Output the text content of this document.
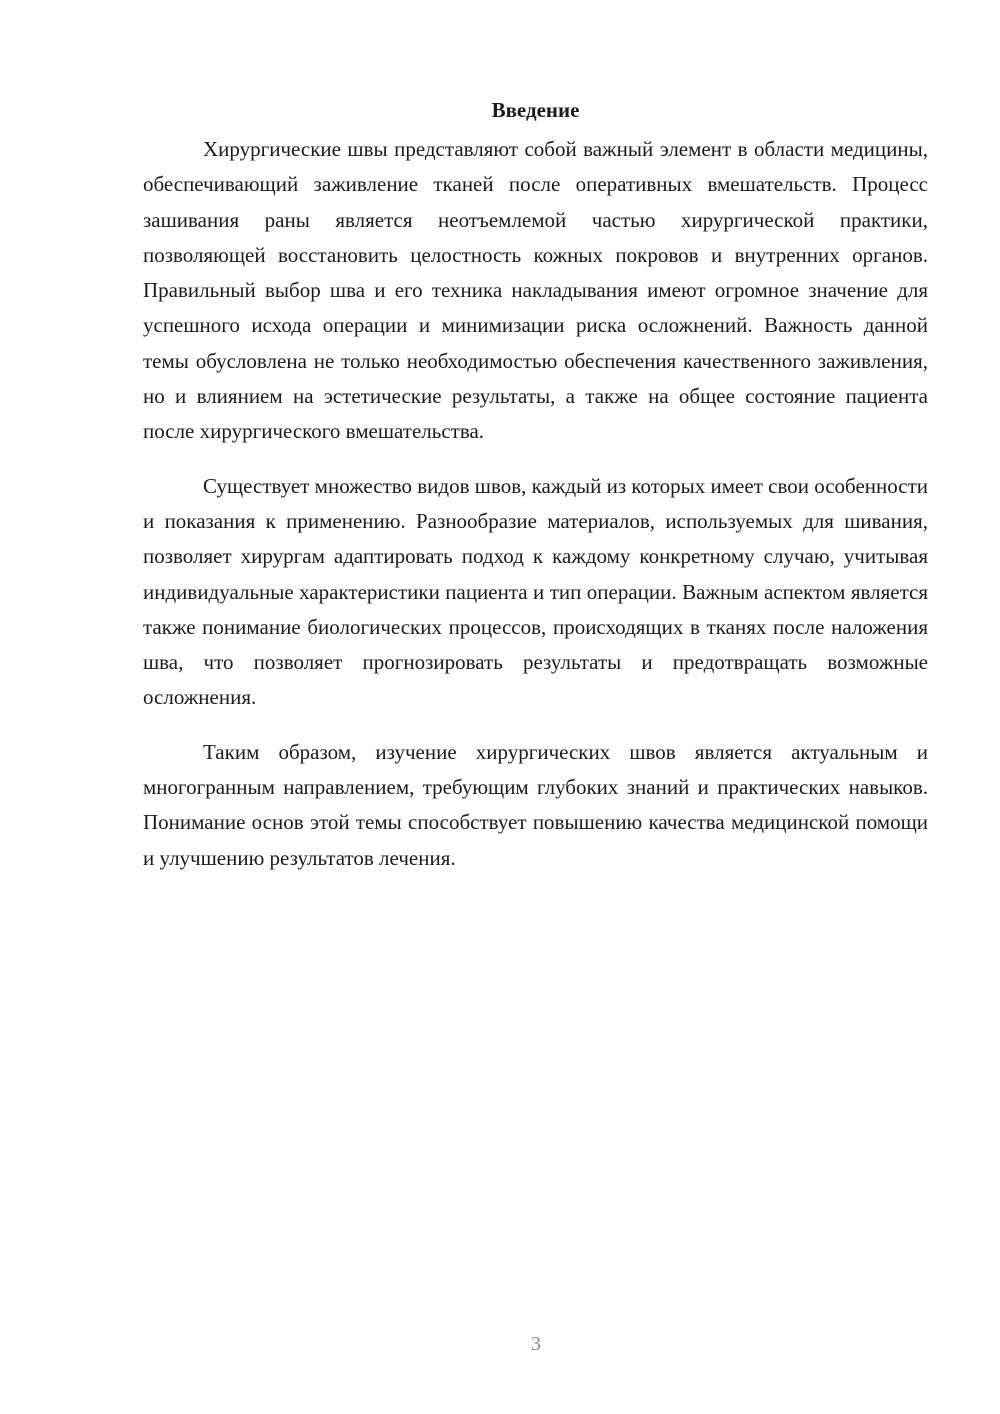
Введение

Хирургические швы представляют собой важный элемент в области медицины, обеспечивающий заживление тканей после оперативных вмешательств. Процесс зашивания раны является неотъемлемой частью хирургической практики, позволяющей восстановить целостность кожных покровов и внутренних органов. Правильный выбор шва и его техника накладывания имеют огромное значение для успешного исхода операции и минимизации риска осложнений. Важность данной темы обусловлена не только необходимостью обеспечения качественного заживления, но и влиянием на эстетические результаты, а также на общее состояние пациента после хирургического вмешательства.

Существует множество видов швов, каждый из которых имеет свои особенности и показания к применению. Разнообразие материалов, используемых для шивания, позволяет хирургам адаптировать подход к каждому конкретному случаю, учитывая индивидуальные характеристики пациента и тип операции. Важным аспектом является также понимание биологических процессов, происходящих в тканях после наложения шва, что позволяет прогнозировать результаты и предотвращать возможные осложнения.

Таким образом, изучение хирургических швов является актуальным и многогранным направлением, требующим глубоких знаний и практических навыков. Понимание основ этой темы способствует повышению качества медицинской помощи и улучшению результатов лечения.

3
